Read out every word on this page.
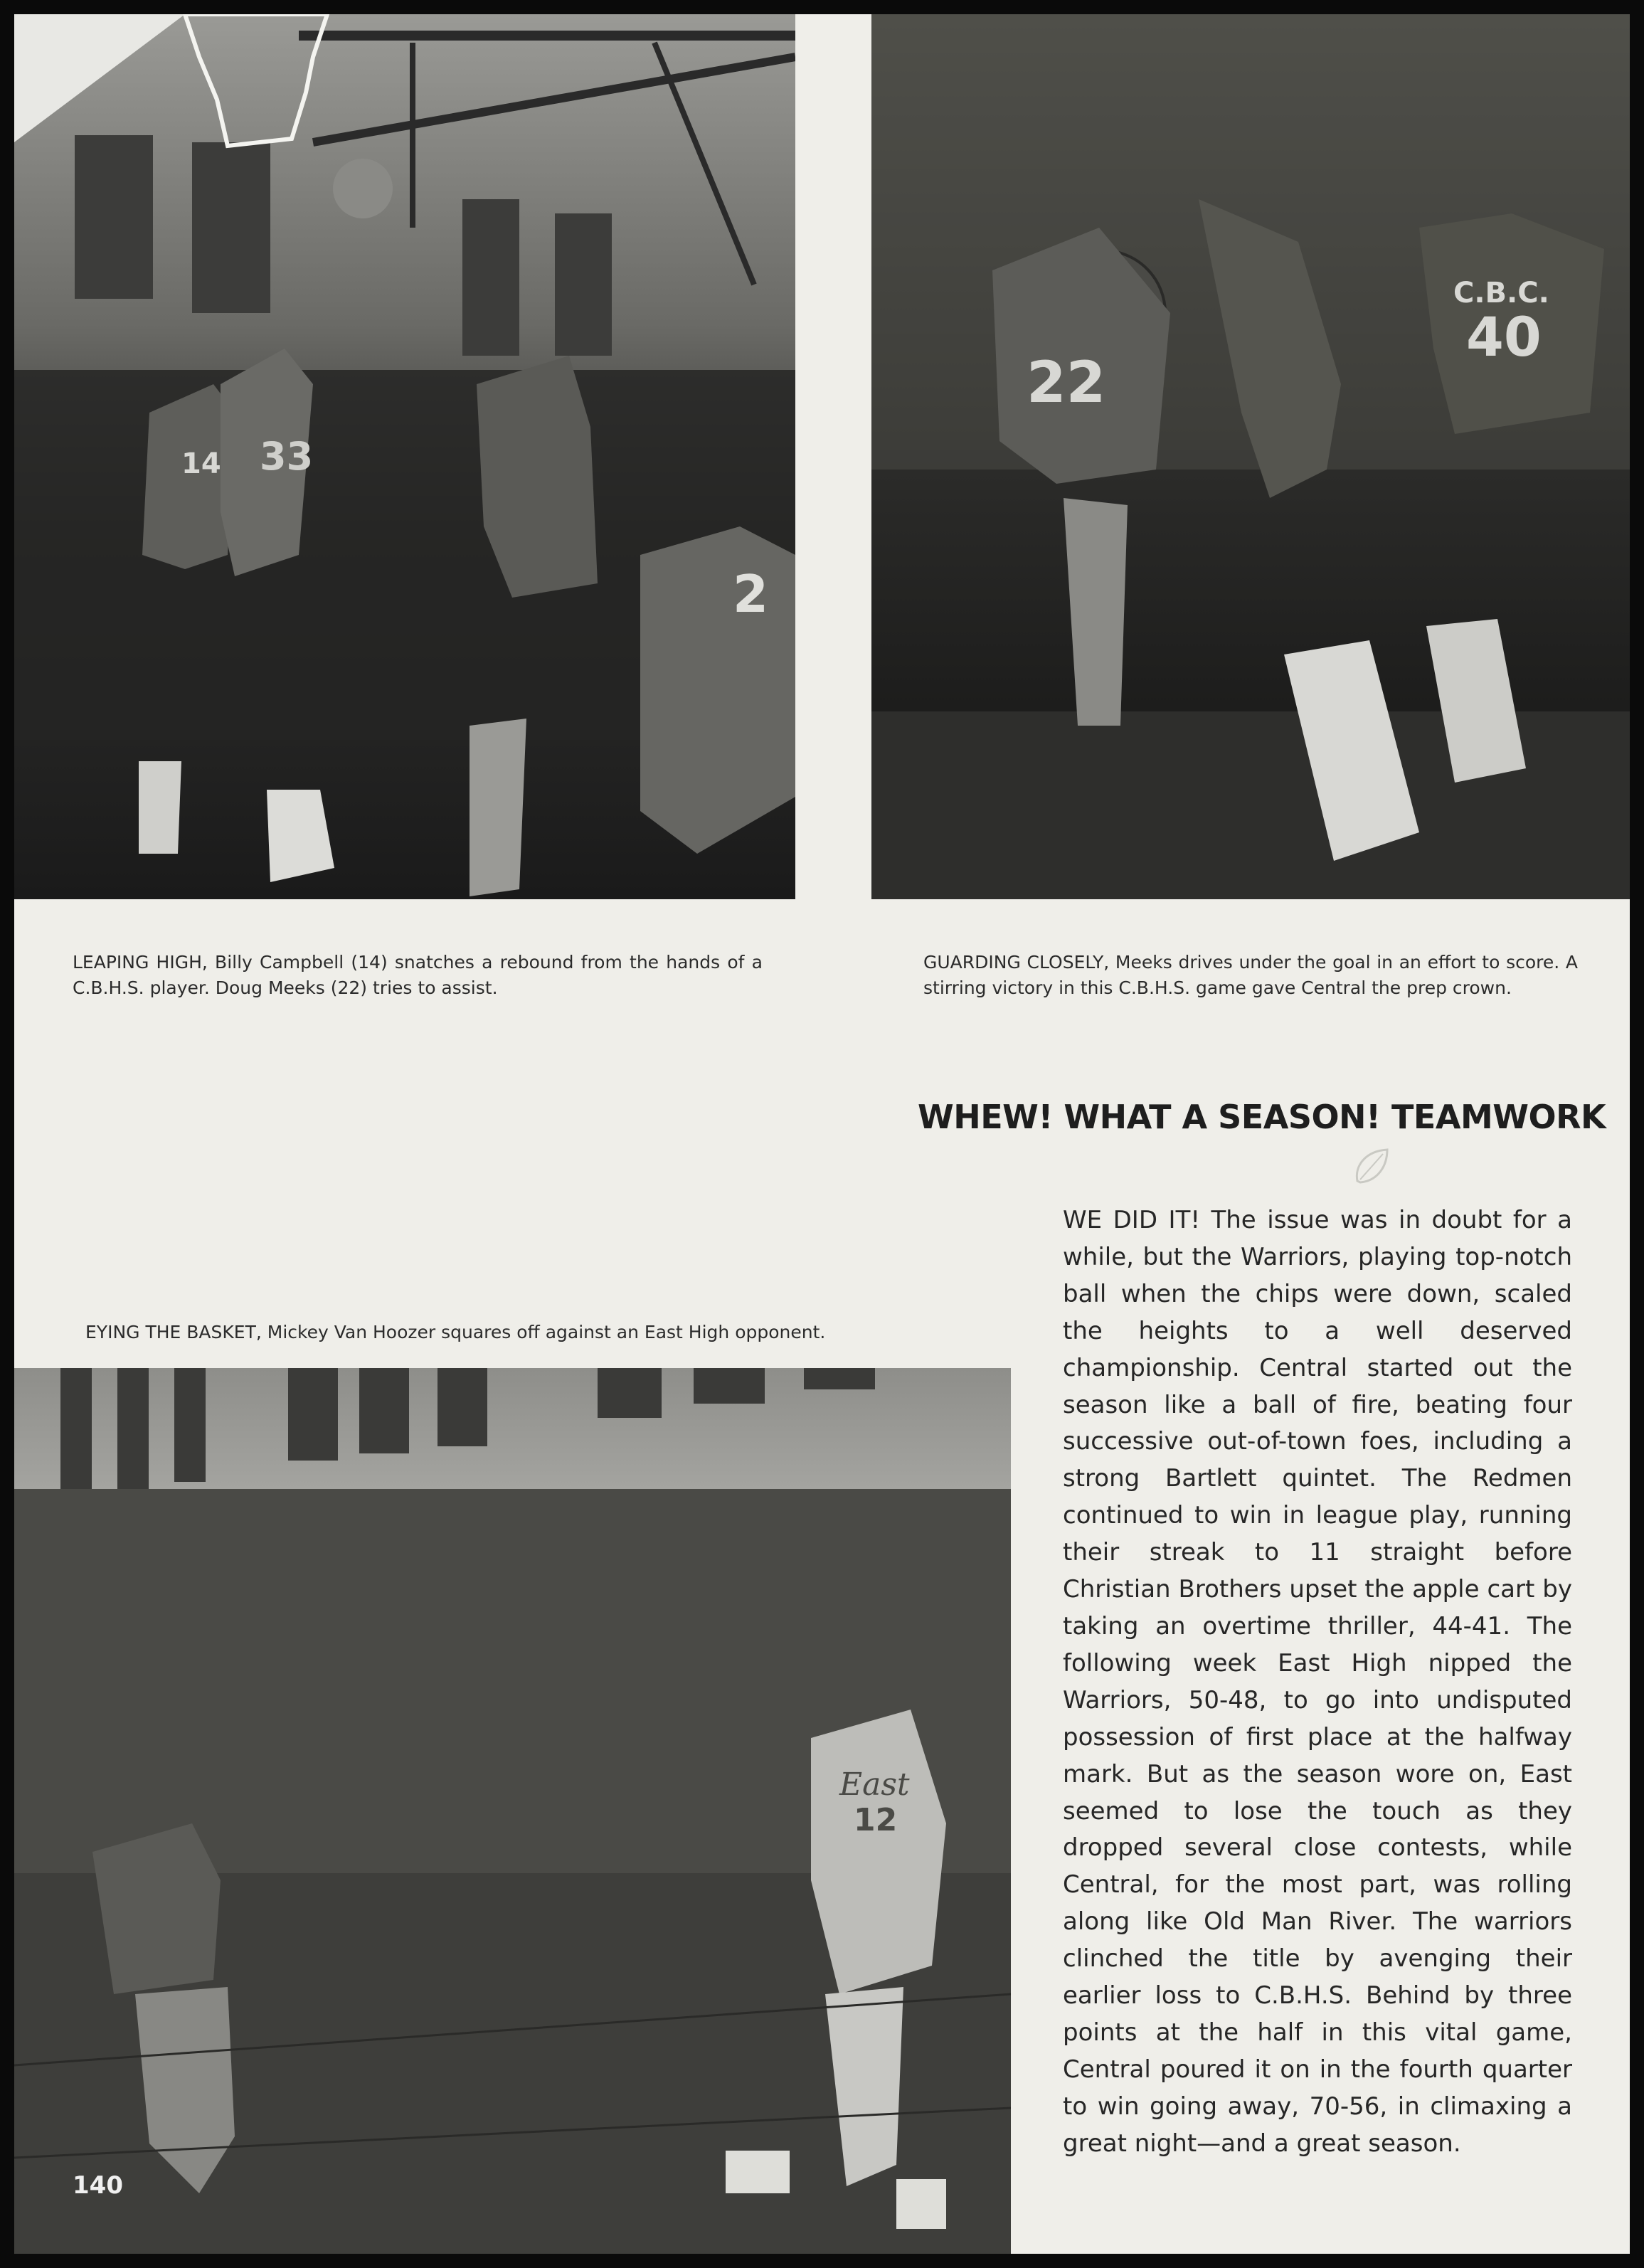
14 33
2
22
C.B.C.
40
East
12

LEAPING HIGH, Billy Campbell (14) snatches a rebound from the hands of a C.B.H.S. player. Doug Meeks (22) tries to assist.

GUARDING CLOSELY, Meeks drives under the goal in an effort to score. A stirring victory in this C.B.H.S. game gave Central the prep crown.

EYING THE BASKET, Mickey Van Hoozer squares off against an East High opponent.

WHEW! WHAT A SEASON! TEAMWORK
WE DID IT! The issue was in doubt for a while, but the Warriors, playing top-notch ball when the chips were down, scaled the heights to a well deserved championship. Central started out the season like a ball of fire, beating four successive out-of-town foes, including a strong Bartlett quintet. The Redmen continued to win in league play, running their streak to 11 straight before Christian Brothers upset the apple cart by taking an overtime thriller, 44-41. The following week East High nipped the Warriors, 50-48, to go into undisputed possession of first place at the halfway mark. But as the season wore on, East seemed to lose the touch as they dropped several close contests, while Central, for the most part, was rolling along like Old Man River. The warriors clinched the title by avenging their earlier loss to C.B.H.S. Behind by three points at the half in this vital game, Central poured it on in the fourth quarter to win going away, 70-56, in climaxing a great night—and a great season.
140
